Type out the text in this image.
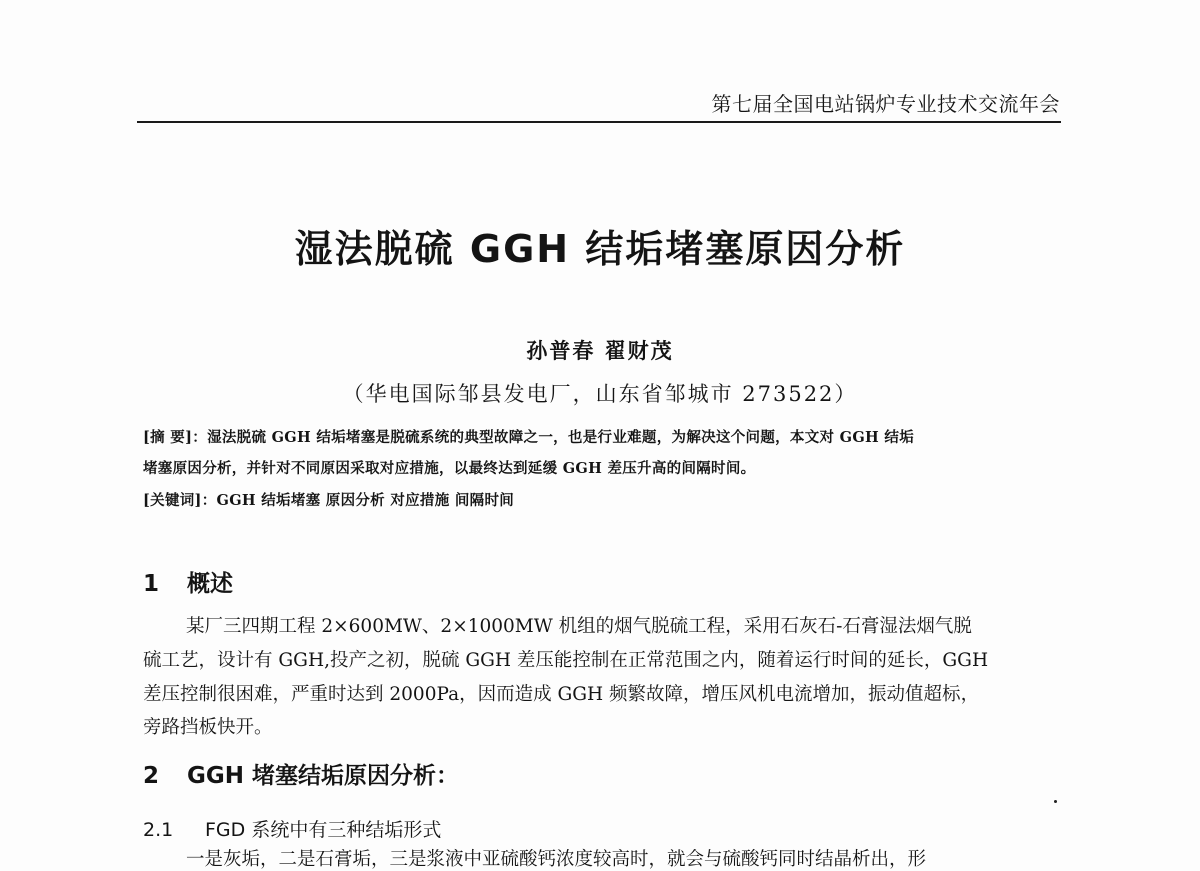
第七届全国电站锅炉专业技术交流年会
湿法脱硫 GGH 结垢堵塞原因分析
孙普春 翟财茂
（华电国际邹县发电厂，山东省邹城市 273522）
[摘 要]：湿法脱硫 GGH 结垢堵塞是脱硫系统的典型故障之一，也是行业难题，为解决这个问题，本文对 GGH 结垢
堵塞原因分析，并针对不同原因采取对应措施，以最终达到延缓 GGH 差压升高的间隔时间。
[关键词]：GGH 结垢堵塞 原因分析 对应措施 间隔时间
1 概述
某厂三四期工程 2×600MW、2×1000MW 机组的烟气脱硫工程，采用石灰石-石膏湿法烟气脱
硫工艺，设计有 GGH,投产之初，脱硫 GGH 差压能控制在正常范围之内，随着运行时间的延长，GGH
差压控制很困难，严重时达到 2000Pa，因而造成 GGH 频繁故障，增压风机电流增加，振动值超标，
旁路挡板快开。
2 GGH 堵塞结垢原因分析：
2.1 FGD 系统中有三种结垢形式
一是灰垢，二是石膏垢，三是浆液中亚硫酸钙浓度较高时，就会与硫酸钙同时结晶析出，形
